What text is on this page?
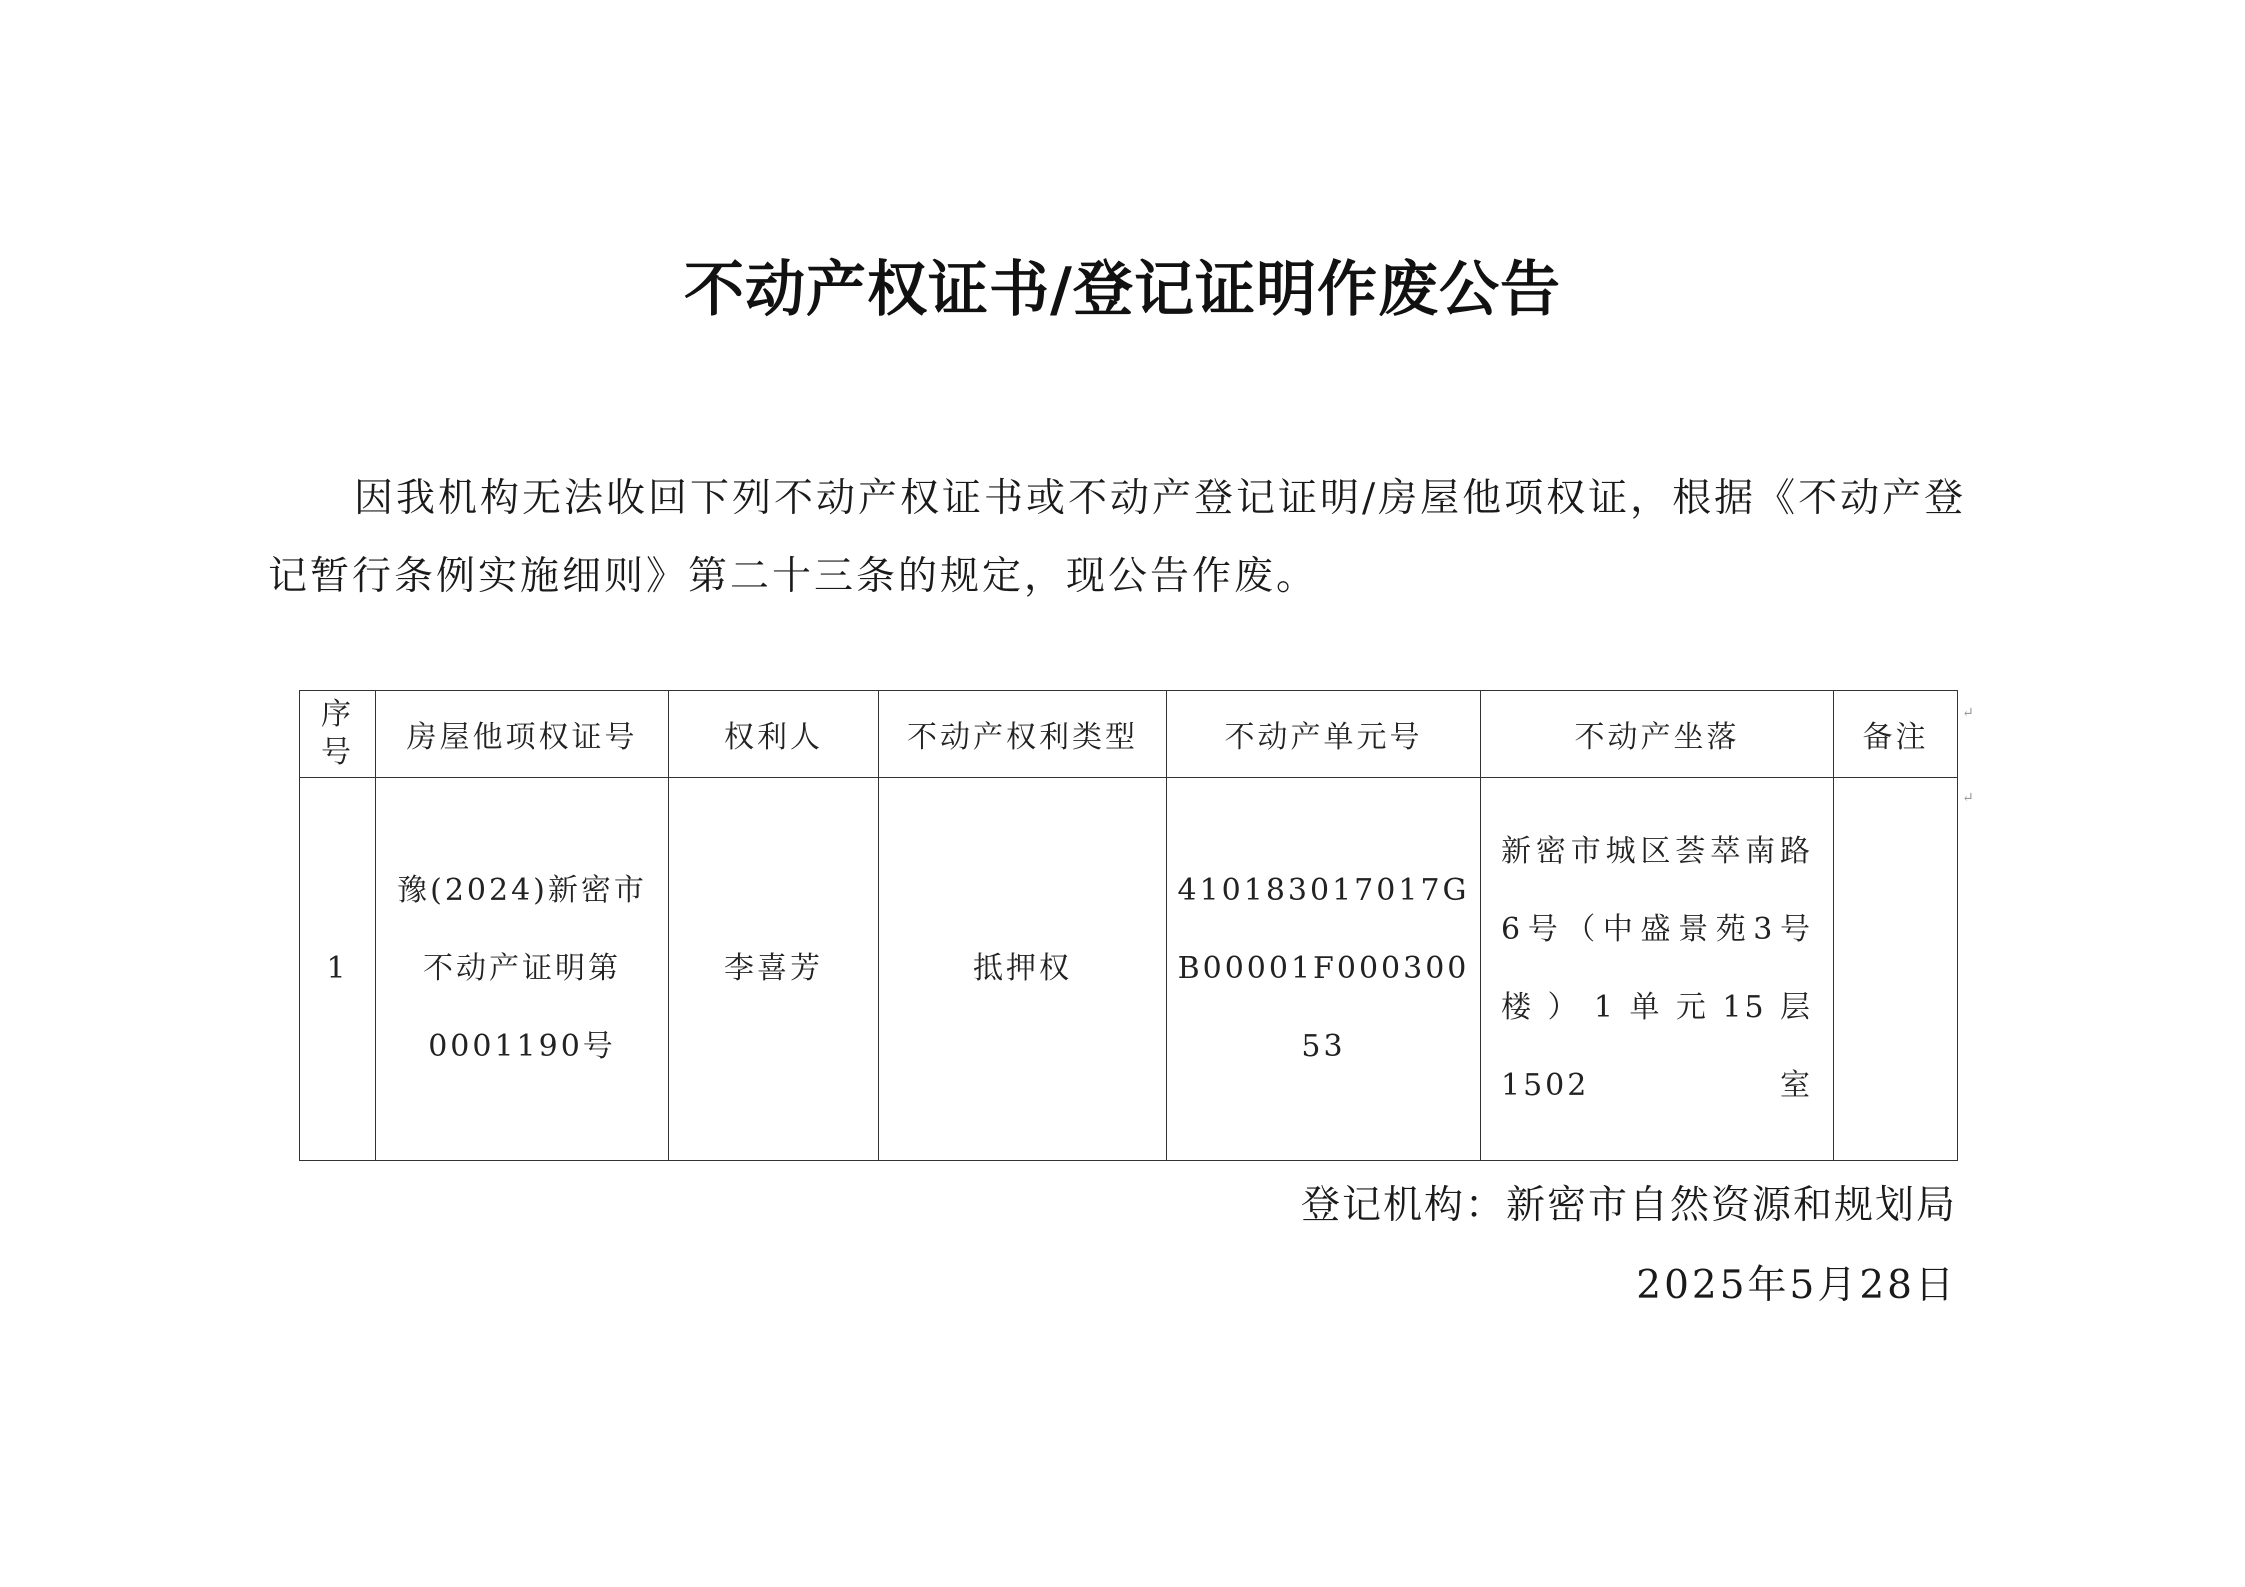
不动产权证书/登记证明作废公告
因我机构无法收回下列不动产权证书或不动产登记证明/房屋他项权证，根据《不动产登记暂行条例实施细则》第二十三条的规定，现公告作废。
序号	房屋他项权证号	权利人	不动产权利类型	不动产单元号	不动产坐落	备注
1	豫(2024)新密市不动产证明第0001190号	李喜芳	抵押权	410183017017GB00001F00030053	新密市城区荟萃南路6号（中盛景苑3号楼）1单元15层1502室	
↵
↵
登记机构：新密市自然资源和规划局
2025年5月28日
